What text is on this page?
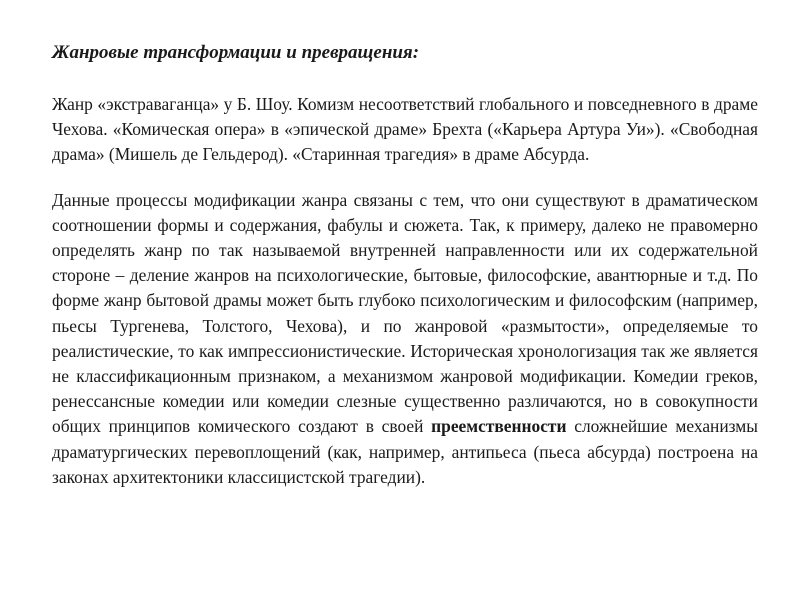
Жанровые трансформации и превращения:

Жанр «экстраваганца» у Б. Шоу. Комизм несоответствий глобального и повседневного в драме Чехова. «Комическая опера» в «эпической драме» Брехта («Карьера Артура Уи»). «Свободная драма» (Мишель де Гельдерод). «Старинная трагедия» в драме Абсурда.

Данные процессы модификации жанра связаны с тем, что они существуют в драматическом соотношении формы и содержания, фабулы и сюжета. Так, к примеру, далеко не правомерно определять жанр по так называемой внутренней направленности или их содержательной стороне – деление жанров на психологические, бытовые, философские, авантюрные и т.д. По форме жанр бытовой драмы может быть глубоко психологическим и философским (например, пьесы Тургенева, Толстого, Чехова), и по жанровой «размытости», определяемые то реалистические, то как импрессионистические. Историческая хронологизация так же является не классификационным признаком, а механизмом жанровой модификации. Комедии греков, ренессансные комедии или комедии слезные существенно различаются, но в совокупности общих принципов комического создают в своей преемственности сложнейшие механизмы драматургических перевоплощений (как, например, антипьеса (пьеса абсурда) построена на законах архитектоники классицистской трагедии).
